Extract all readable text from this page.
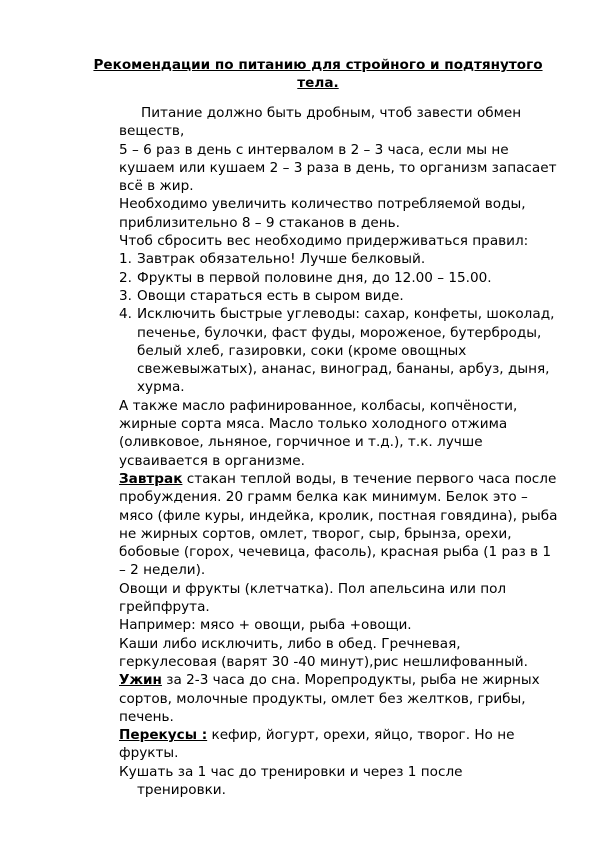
Рекомендации по питанию для стройного и подтянутого
тела.

Питание должно быть дробным, чтоб завести обмен веществ,

5 – 6 раз в день с интервалом в 2 – 3 часа, если мы не кушаем или кушаем 2 – 3 раза в день, то организм запасает всё в жир.

Необходимо увеличить количество потребляемой воды, приблизительно 8 – 9 стаканов в день.

Чтоб сбросить вес необходимо придерживаться правил:

1. Завтрак обязательно! Лучше белковый.
2. Фрукты в первой половине дня, до 12.00 – 15.00.
3. Овощи стараться есть в сыром виде.
4. Исключить быстрые углеводы: сахар, конфеты, шоколад, печенье, булочки, фаст фуды, мороженое, бутерброды, белый хлеб, газировки, соки (кроме овощных свежевыжатых), ананас, виноград, бананы, арбуз, дыня, хурма.

А также масло рафинированное, колбасы, копчёности, жирные сорта мяса. Масло только холодного отжима (оливковое, льняное, горчичное и т.д.), т.к. лучше усваивается в организме.

Завтрак стакан теплой воды, в течение первого часа после пробуждения. 20 грамм белка как минимум. Белок это – мясо (филе куры, индейка, кролик, постная говядина), рыба не жирных сортов, омлет, творог, сыр, брынза, орехи, бобовые (горох, чечевица, фасоль), красная рыба (1 раз в 1 – 2 недели).

Овощи и фрукты (клетчатка). Пол апельсина или пол грейпфрута.

Например: мясо + овощи, рыба +овощи.

Каши либо исключить, либо в обед. Гречневая, геркулесовая (варят 30 -40 минут),рис нешлифованный.

Ужин за 2-3 часа до сна. Морепродукты, рыба не жирных сортов, молочные продукты, омлет без желтков, грибы, печень.

Перекусы : кефир, йогурт, орехи, яйцо, творог. Но не фрукты.

Кушать за 1 час до тренировки и через 1 после
тренировки.
